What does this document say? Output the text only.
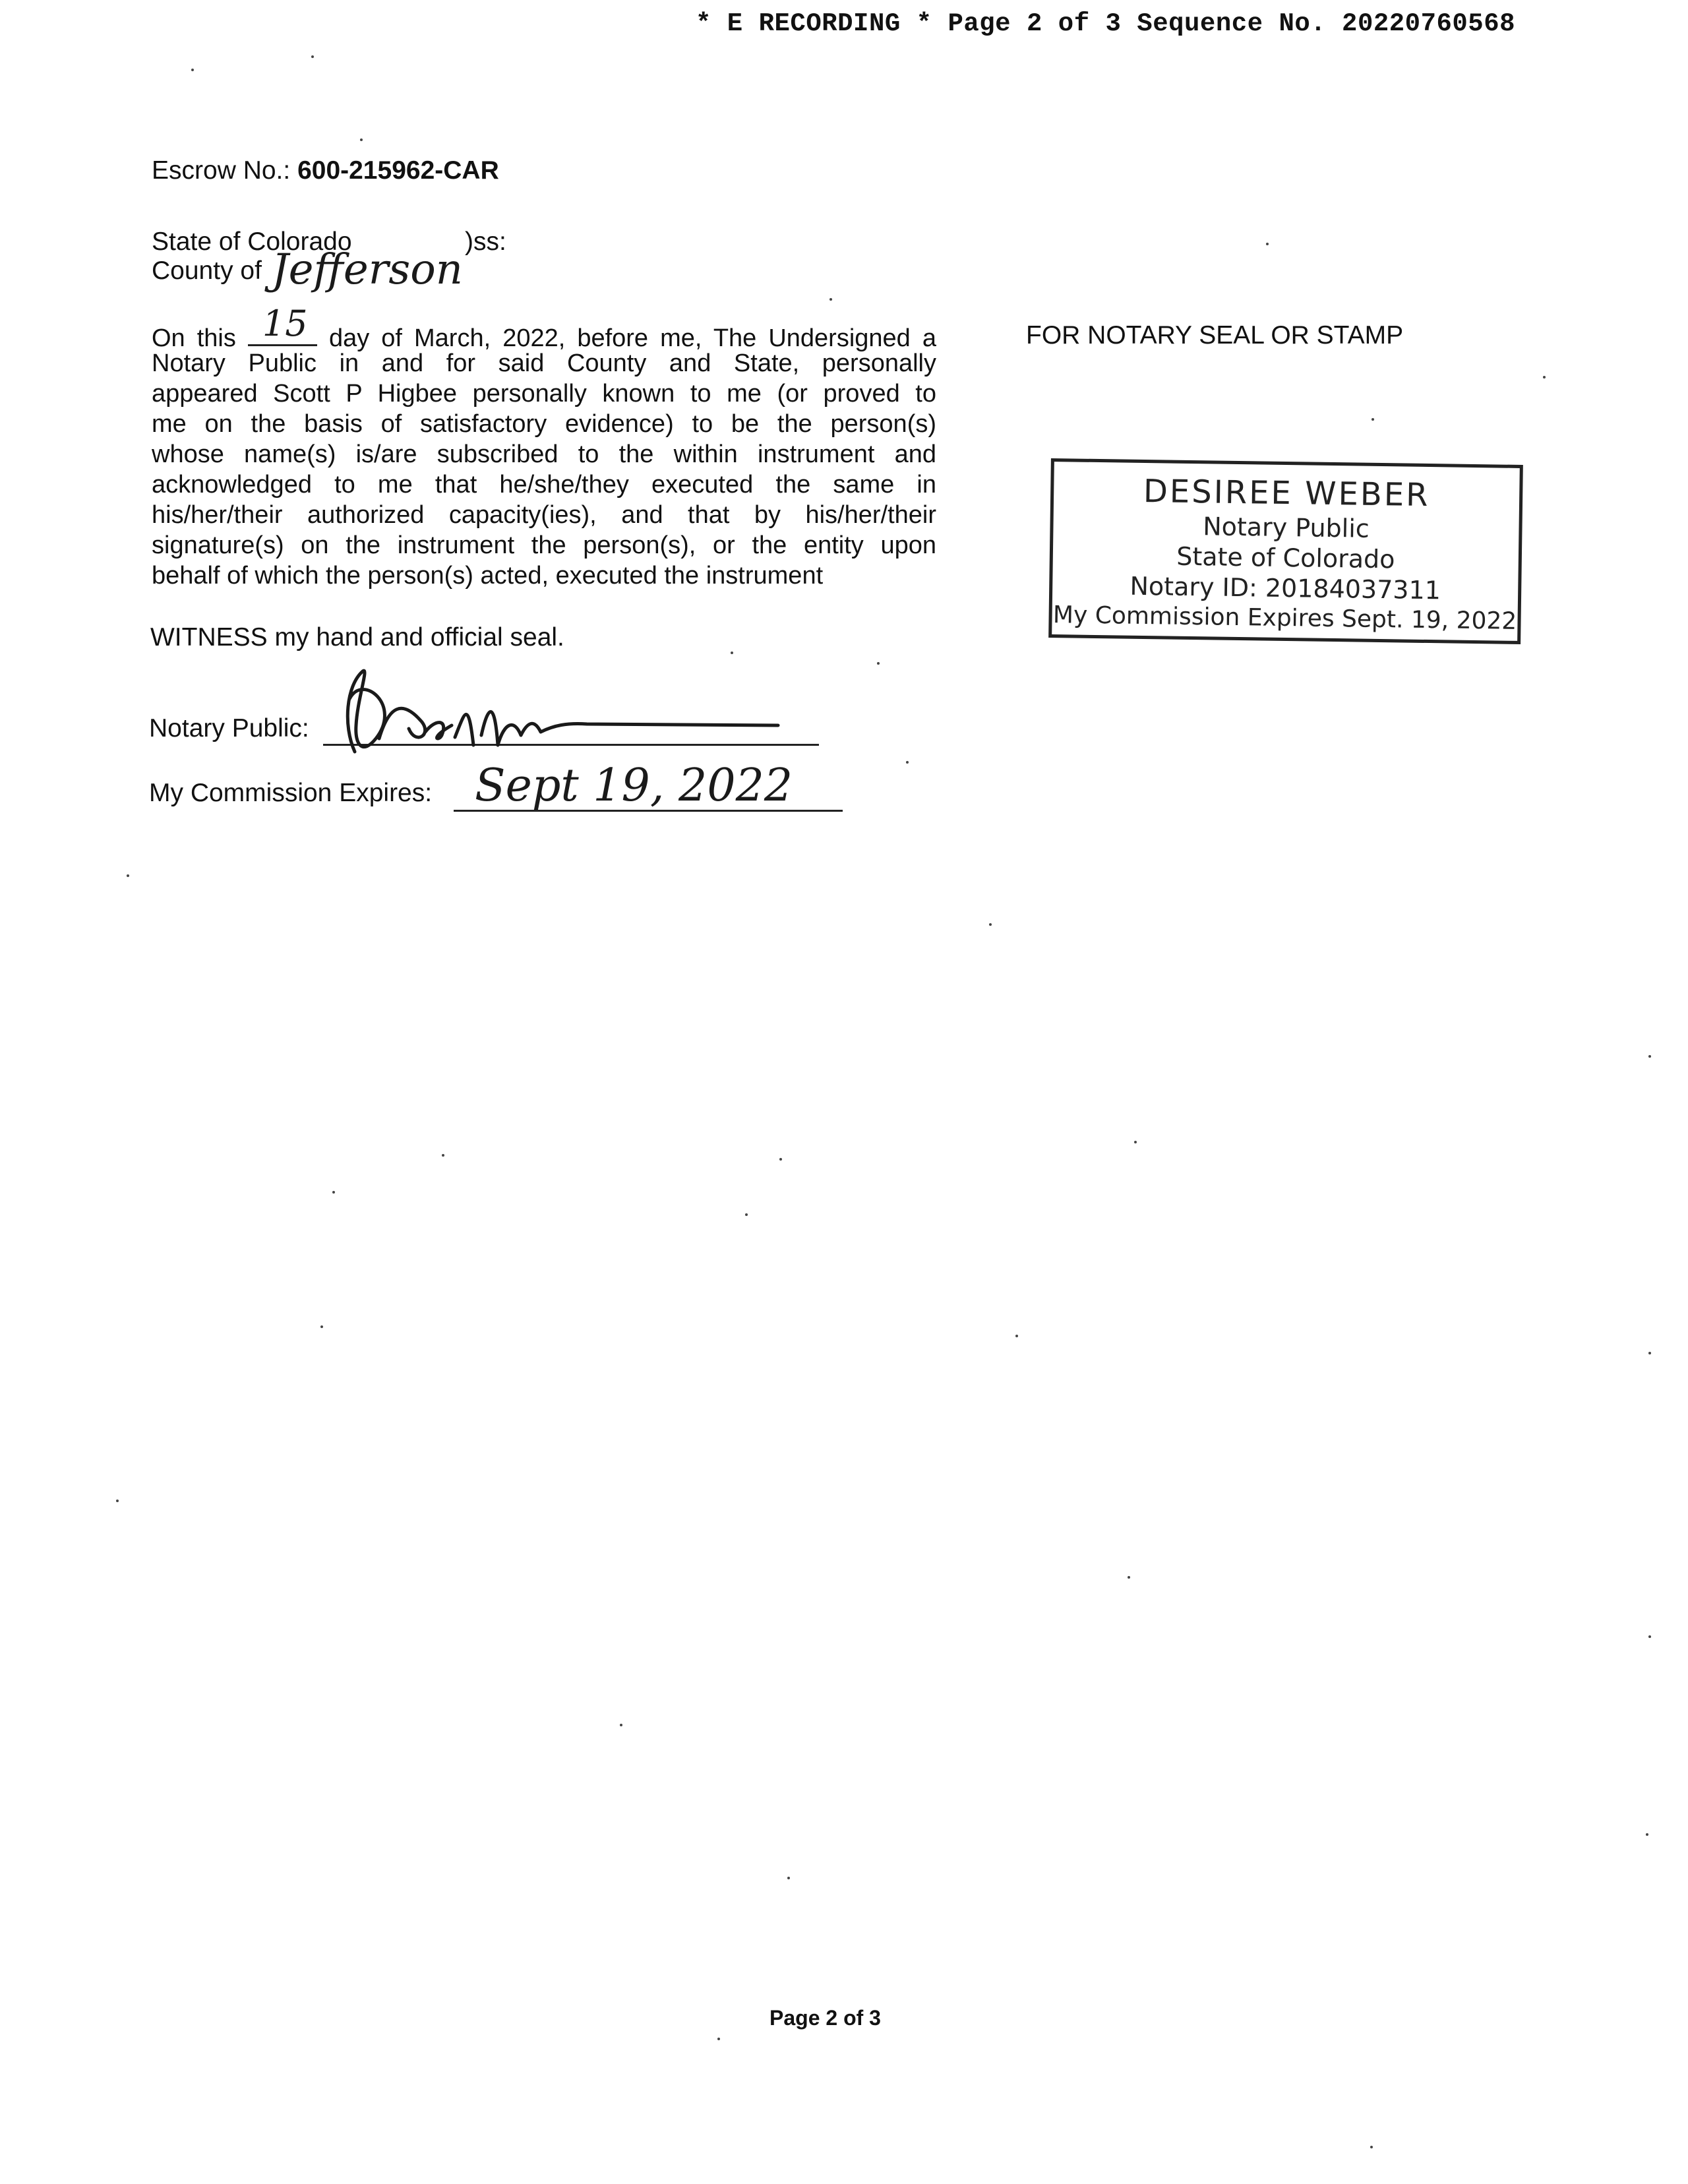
* E RECORDING * Page 2 of 3 Sequence No. 20220760568
Escrow No.: 600-215962-CAR
State of Colorado	)ss:
County of Jefferson
On this 15 day of March, 2022, before me, The Undersigned a
Notary Public in and for said County and State, personally
appeared Scott P Higbee personally known to me (or proved to
me on the basis of satisfactory evidence) to be the person(s)
whose name(s) is/are subscribed to the within instrument and
acknowledged to me that he/she/they executed the same in
his/her/their authorized capacity(ies), and that by his/her/their
signature(s) on the instrument the person(s), or the entity upon
behalf of which the person(s) acted, executed the instrument
WITNESS my hand and official seal.
Notary Public:
My Commission Expires: Sept 19, 2022
FOR NOTARY SEAL OR STAMP
DESIREE WEBER
Notary Public
State of Colorado
Notary ID: 20184037311
My Commission Expires Sept. 19, 2022
Page 2 of 3
